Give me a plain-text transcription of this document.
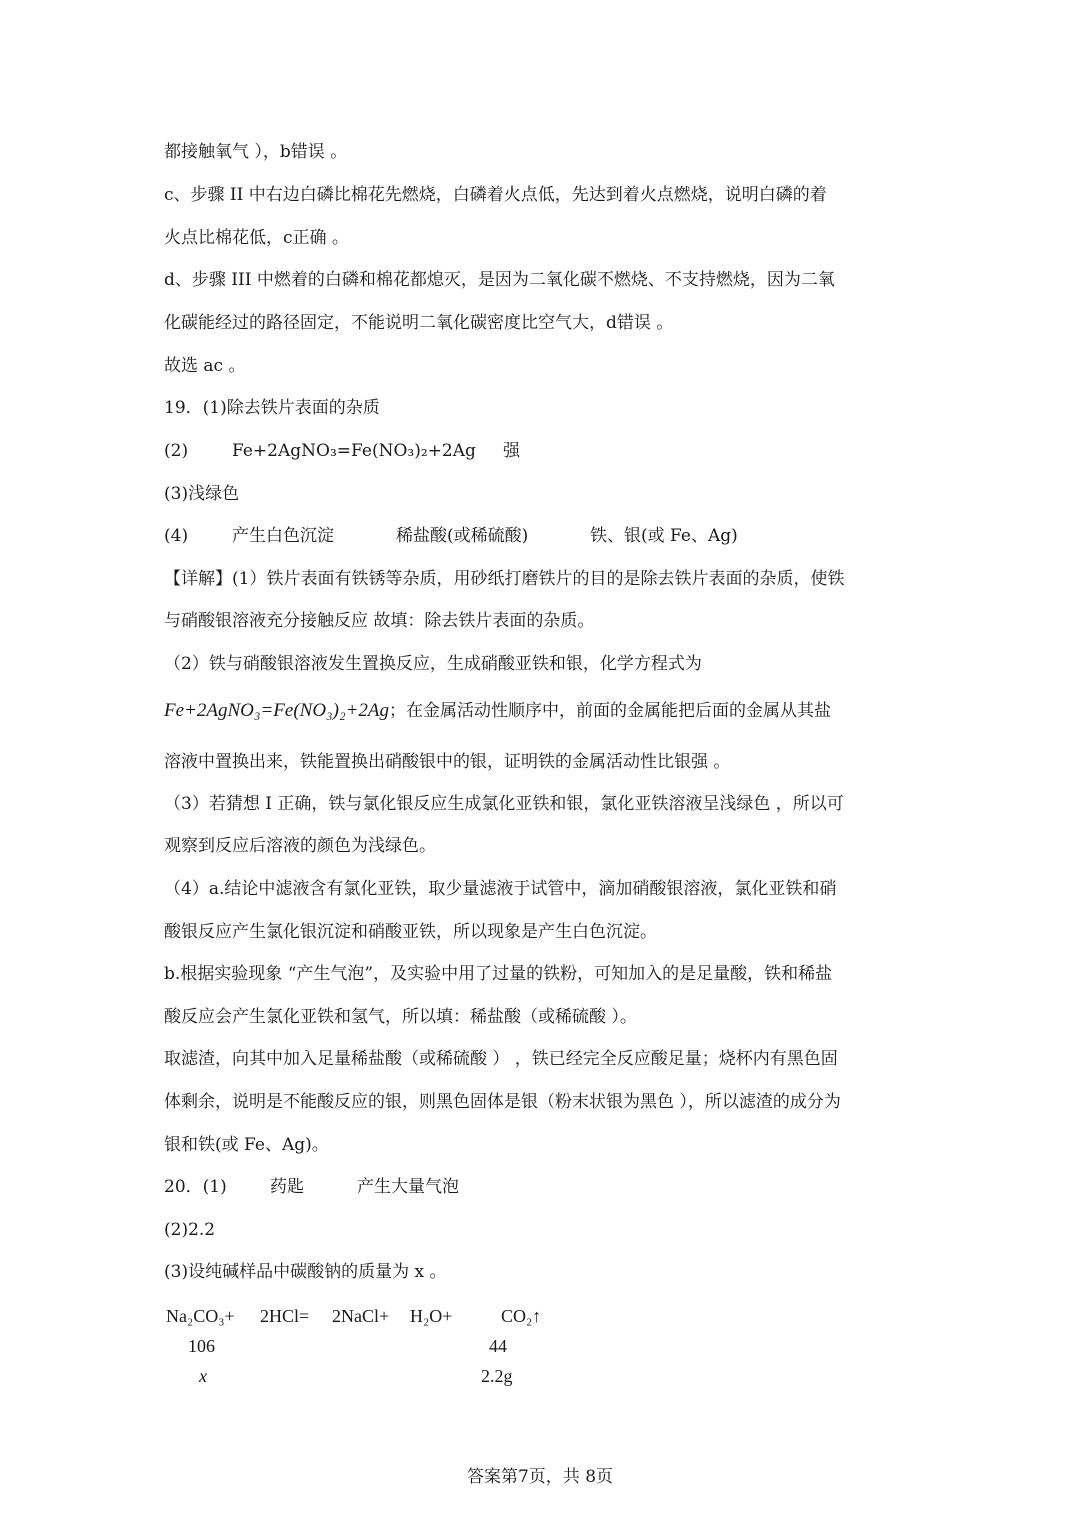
都接触氧气 ），b错误 。
c、步骤 II 中右边白磷比棉花先燃烧，白磷着火点低，先达到着火点燃烧，说明白磷的着
火点比棉花低，c正确 。
d、步骤 III 中燃着的白磷和棉花都熄灭，是因为二氧化碳不燃烧、不支持燃烧，因为二氧
化碳能经过的路径固定，不能说明二氧化碳密度比空气大，d错误 。
故选 ac 。
19．(1)除去铁片表面的杂质
(2)	Fe+2AgNO₃=Fe(NO₃)₂+2Ag 强
(3)浅绿色
(4)	产生白色沉淀	稀盐酸(或稀硫酸)	铁、银(或 Fe、Ag)
【详解】(1）铁片表面有铁锈等杂质，用砂纸打磨铁片的目的是除去铁片表面的杂质，使铁
与硝酸银溶液充分接触反应 故填：除去铁片表面的杂质。
（2）铁与硝酸银溶液发生置换反应，生成硝酸亚铁和银，化学方程式为
Fe+2AgNO₃=Fe(NO₃)₂+2Ag；在金属活动性顺序中，前面的金属能把后面的金属从其盐
溶液中置换出来，铁能置换出硝酸银中的银，证明铁的金属活动性比银强 。
（3）若猜想 I 正确，铁与氯化银反应生成氯化亚铁和银，氯化亚铁溶液呈浅绿色 ，所以可
观察到反应后溶液的颜色为浅绿色。
（4）a.结论中滤液含有氯化亚铁，取少量滤液于试管中，滴加硝酸银溶液，氯化亚铁和硝
酸银反应产生氯化银沉淀和硝酸亚铁，所以现象是产生白色沉淀。
b.根据实验现象 “产生气泡”，及实验中用了过量的铁粉，可知加入的是足量酸，铁和稀盐
酸反应会产生氯化亚铁和氢气，所以填：稀盐酸（或稀硫酸 ）。
取滤渣，向其中加入足量稀盐酸（或稀硫酸 ） ，铁已经完全反应酸足量；烧杯内有黑色固
体剩余，说明是不能酸反应的银，则黑色固体是银（粉末状银为黑色 ），所以滤渣的成分为
银和铁(或 Fe、Ag)。
20．(1)	药匙	产生大量气泡
(2)2.2
(3)设纯碱样品中碳酸钠的质量为 x 。
Na₂CO₃+ 2HCl= 2NaCl+ H₂O+	CO₂↑
106	44
x	2.2g
答案第7页，共 8页
